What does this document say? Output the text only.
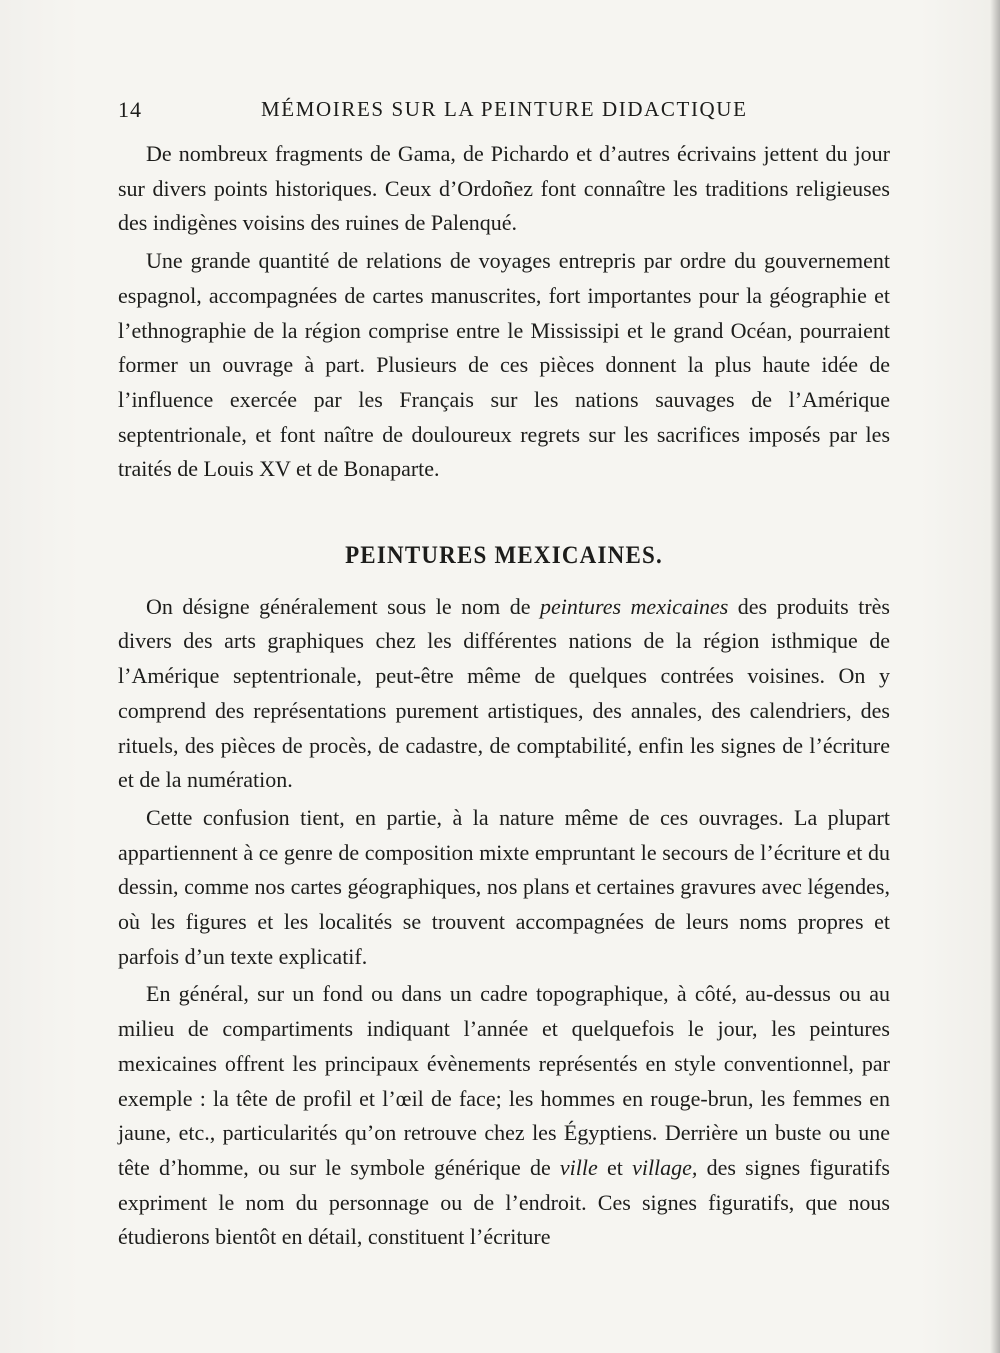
14	MÉMOIRES SUR LA PEINTURE DIDACTIQUE

De nombreux fragments de Gama, de Pichardo et d’autres écrivains jettent du jour sur divers points historiques. Ceux d’Ordoñez font connaître les traditions religieuses des indigènes voisins des ruines de Palenqué.

Une grande quantité de relations de voyages entrepris par ordre du gouvernement espagnol, accompagnées de cartes manuscrites, fort importantes pour la géographie et l’ethnographie de la région comprise entre le Mississipi et le grand Océan, pourraient former un ouvrage à part. Plusieurs de ces pièces donnent la plus haute idée de l’influence exercée par les Français sur les nations sauvages de l’Amérique septentrionale, et font naître de douloureux regrets sur les sacrifices imposés par les traités de Louis XV et de Bonaparte.

PEINTURES MEXICAINES.

On désigne généralement sous le nom de peintures mexicaines des produits très divers des arts graphiques chez les différentes nations de la région isthmique de l’Amérique septentrionale, peut-être même de quelques contrées voisines. On y comprend des représentations purement artistiques, des annales, des calendriers, des rituels, des pièces de procès, de cadastre, de comptabilité, enfin les signes de l’écriture et de la numération.

Cette confusion tient, en partie, à la nature même de ces ouvrages. La plupart appartiennent à ce genre de composition mixte empruntant le secours de l’écriture et du dessin, comme nos cartes géographiques, nos plans et certaines gravures avec légendes, où les figures et les localités se trouvent accompagnées de leurs noms propres et parfois d’un texte explicatif.

En général, sur un fond ou dans un cadre topographique, à côté, au-dessus ou au milieu de compartiments indiquant l’année et quelquefois le jour, les peintures mexicaines offrent les principaux évènements représentés en style conventionnel, par exemple : la tête de profil et l’œil de face; les hommes en rouge-brun, les femmes en jaune, etc., particularités qu’on retrouve chez les Égyptiens. Derrière un buste ou une tête d’homme, ou sur le symbole générique de ville et village, des signes figuratifs expriment le nom du personnage ou de l’endroit. Ces signes figuratifs, que nous étudierons bientôt en détail, constituent l’écriture
